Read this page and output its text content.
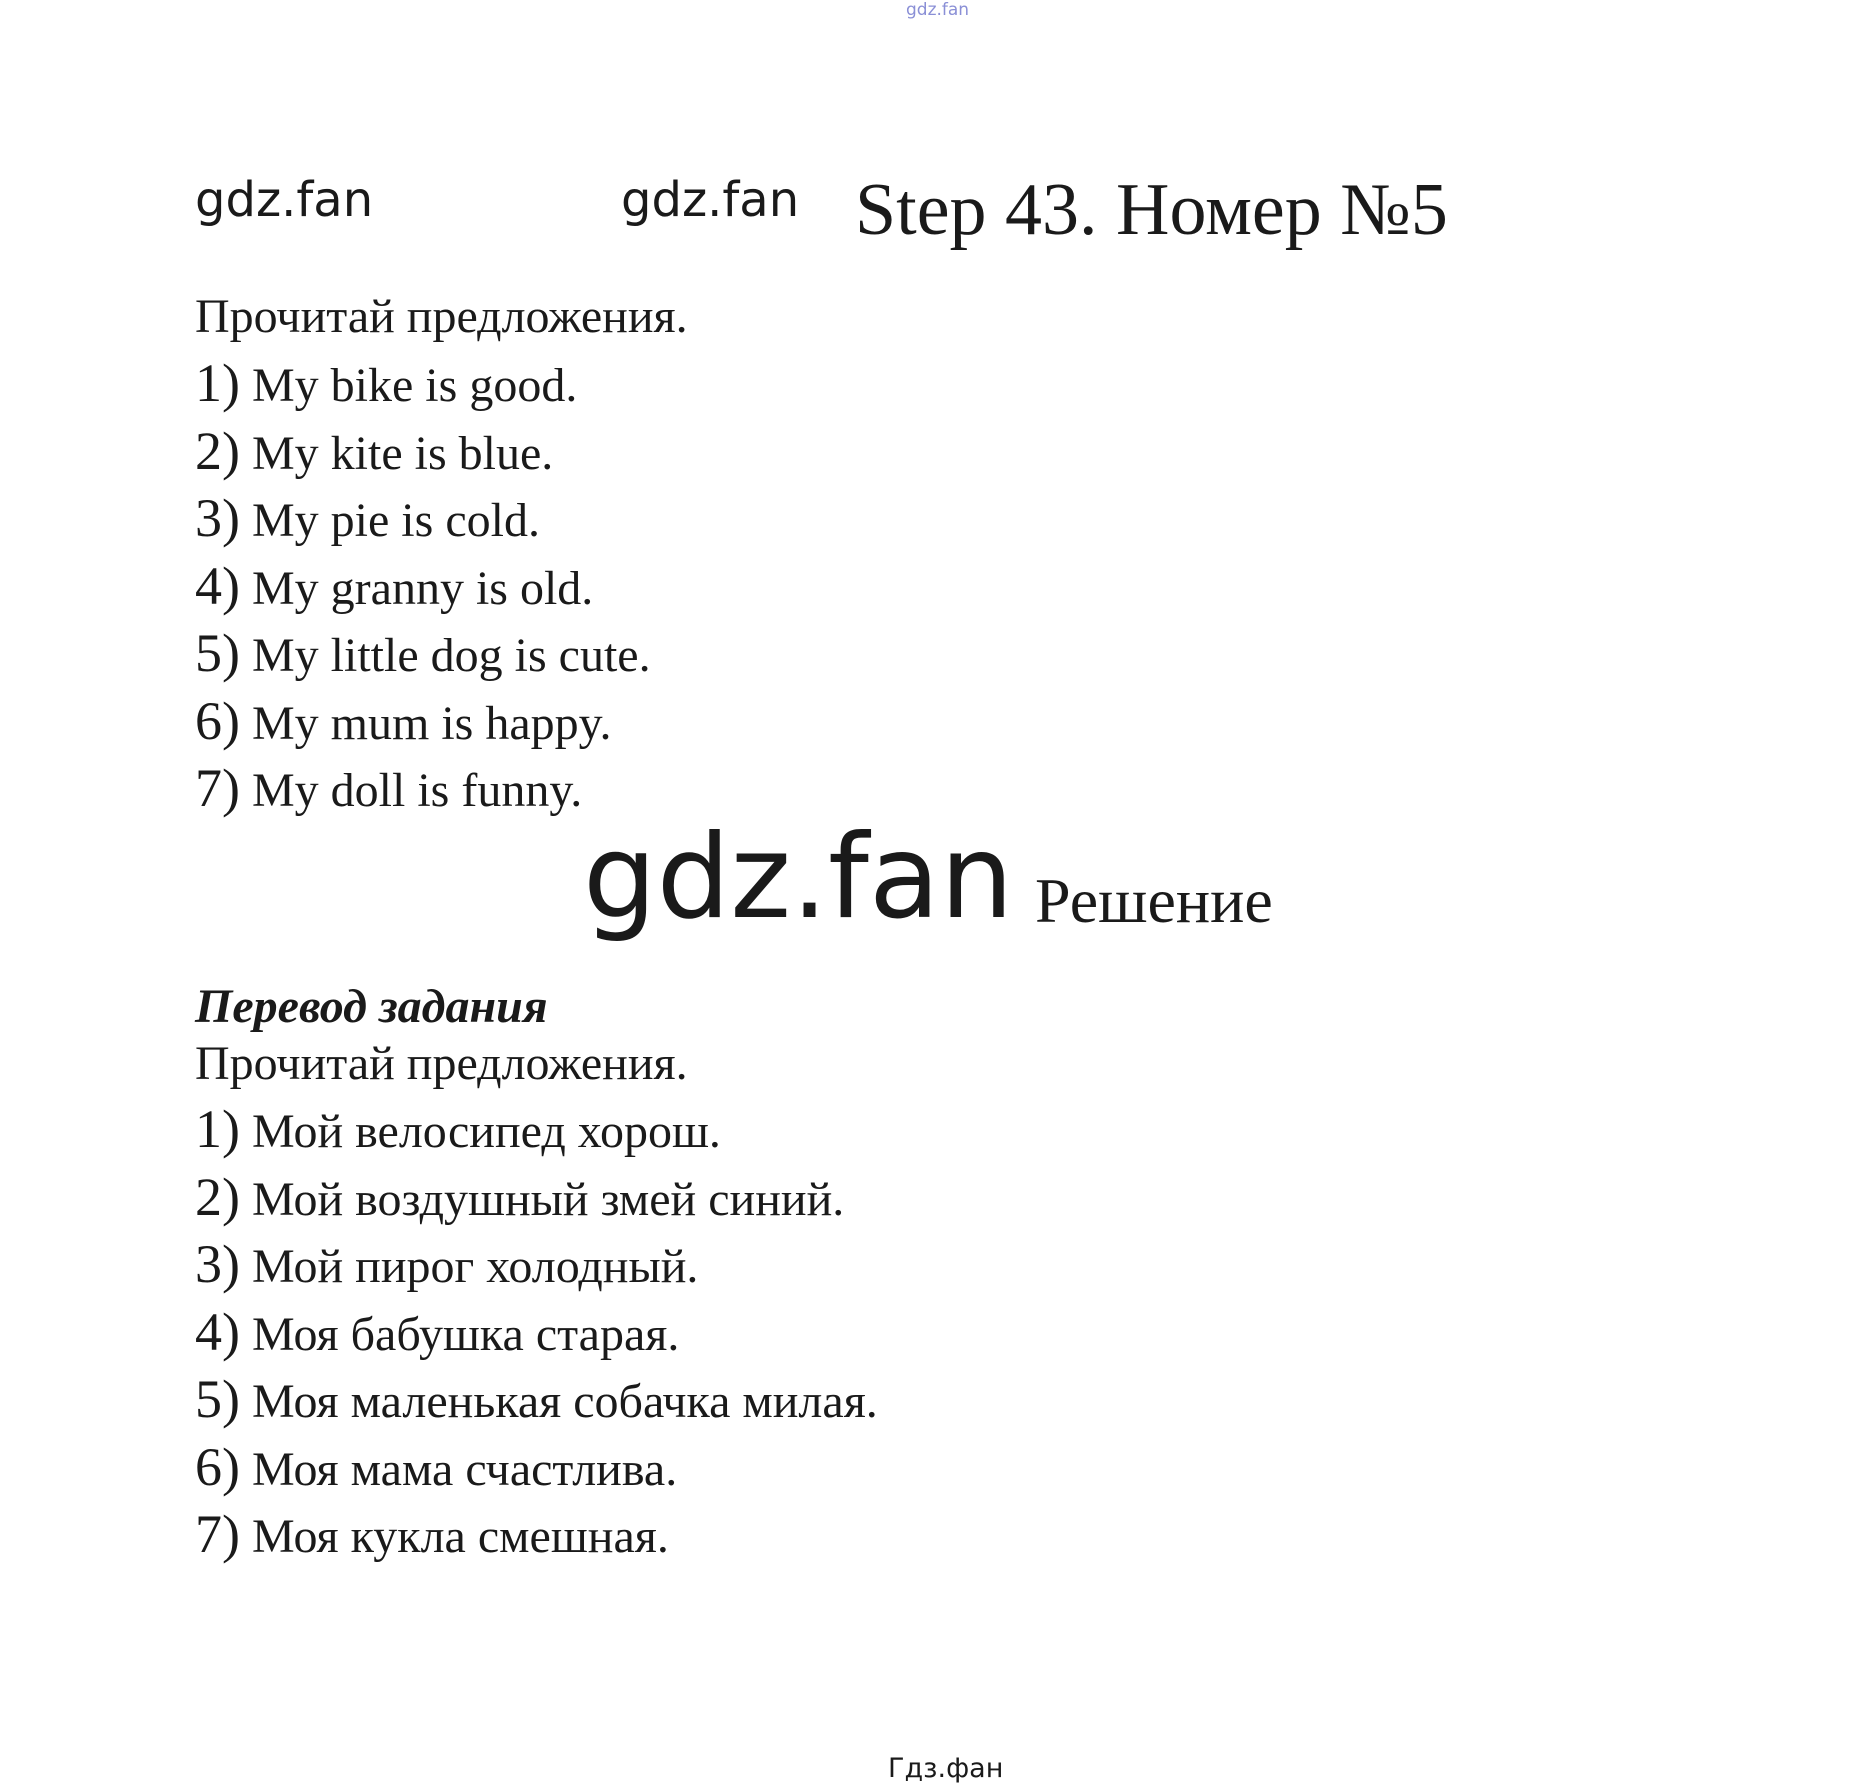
gdz.fan
gdz.fan	gdz.fan Step 43. Номер №5
Прочитай предложения.
1) My bike is good.
2) My kite is blue.
3) My pie is cold.
4) My granny is old.
5) My little dog is cute.
6) My mum is happy.
7) My doll is funny.
gdz.fan Решение
Перевод задания
Прочитай предложения.
1) Мой велосипед хорош.
2) Мой воздушный змей синий.
3) Мой пирог холодный.
4) Моя бабушка старая.
5) Моя маленькая собачка милая.
6) Моя мама счастлива.
7) Моя кукла смешная.
Гдз.фан
